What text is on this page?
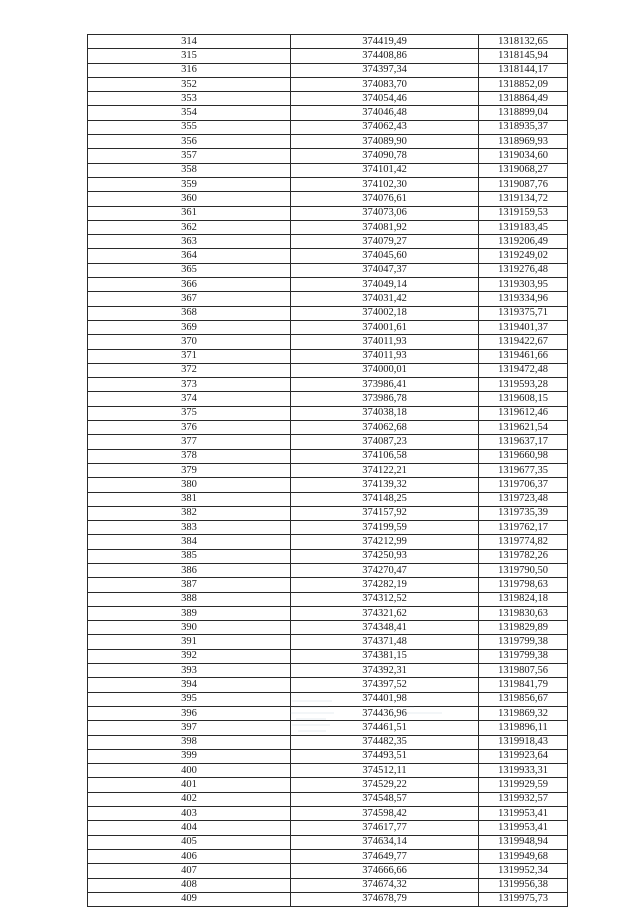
314	374419,49	1318132,65
315	374408,86	1318145,94
316	374397,34	1318144,17
352	374083,70	1318852,09
353	374054,46	1318864,49
354	374046,48	1318899,04
355	374062,43	1318935,37
356	374089,90	1318969,93
357	374090,78	1319034,60
358	374101,42	1319068,27
359	374102,30	1319087,76
360	374076,61	1319134,72
361	374073,06	1319159,53
362	374081,92	1319183,45
363	374079,27	1319206,49
364	374045,60	1319249,02
365	374047,37	1319276,48
366	374049,14	1319303,95
367	374031,42	1319334,96
368	374002,18	1319375,71
369	374001,61	1319401,37
370	374011,93	1319422,67
371	374011,93	1319461,66
372	374000,01	1319472,48
373	373986,41	1319593,28
374	373986,78	1319608,15
375	374038,18	1319612,46
376	374062,68	1319621,54
377	374087,23	1319637,17
378	374106,58	1319660,98
379	374122,21	1319677,35
380	374139,32	1319706,37
381	374148,25	1319723,48
382	374157,92	1319735,39
383	374199,59	1319762,17
384	374212,99	1319774,82
385	374250,93	1319782,26
386	374270,47	1319790,50
387	374282,19	1319798,63
388	374312,52	1319824,18
389	374321,62	1319830,63
390	374348,41	1319829,89
391	374371,48	1319799,38
392	374381,15	1319799,38
393	374392,31	1319807,56
394	374397,52	1319841,79
395	374401,98	1319856,67
396	374436,96	1319869,32
397	374461,51	1319896,11
398	374482,35	1319918,43
399	374493,51	1319923,64
400	374512,11	1319933,31
401	374529,22	1319929,59
402	374548,57	1319932,57
403	374598,42	1319953,41
404	374617,77	1319953,41
405	374634,14	1319948,94
406	374649,77	1319949,68
407	374666,66	1319952,34
408	374674,32	1319956,38
409	374678,79	1319975,73
